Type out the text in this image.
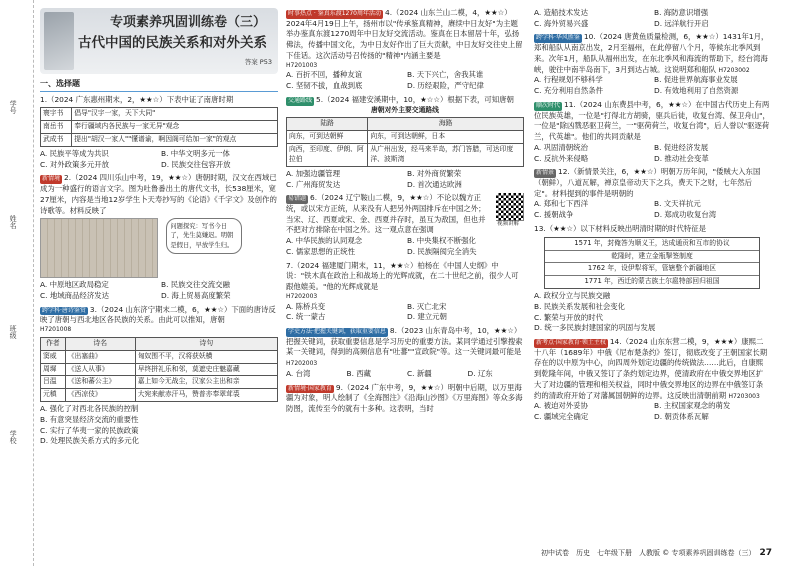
学号
姓名
班级
学校
专项素养巩固训练卷（三）
古代中国的民族关系和对外关系
答案 P53
一、选择题
1.（2024 广东惠州期末，2，★★☆）下表中证了南唐时期
寰宇书	倡导"汉宇一家，天下大同"
南岳书	奉行疆域内各民族与一家无异"观念
武成书	提出"胡汉一家人""懂谱谕，啊因阁可给加一家"的观点
A. 民族平等成为共识	B. 中华文明多元一体
C. 对外政策多元开放	D. 民族交往包容开放
新情境 2.（2024 四川乐山中考，19，★★☆）唐朝时期，汉文在西域已成为一种盛行的语言文字。图为吐鲁番出土的唐代文书，长538厘米，宽27厘米，内容是当地12岁学生卜天寿抄写的《论语》《千字文》及创作的诗歌等。材料反映了
问题探究：写书今日了，先生莫嫌迟。明朝是假日，早放学生归。
A. 中原地区政局稳定	B. 民族交往交流交融
C. 地域商品经济发达	D. 海上贸易高度繁荣
跨学科·唐诗鉴赏 3.（2024 山东济宁期末二模，6，★★☆）下面的唐诗反映了唐朝与西北地区各民族的关系。由此可以推知，唐朝
H7201008
作者	诗名	诗句
窦威	《出塞曲》	匈奴围不平，汉将获妖横
周墀	《送人从事》	早终拼礼乐和邻，莫遮史庄魅嘉藏
吕温	《送和蕃公主》	嘉上如今无战尘，汉家公主出和亲
元稹	《西凉伎》	大宛来献赤汗马，赞普亦奉翠茸裘
A. 强化了对西北各民族的控制
B. 有意突显经济交流的重要性
C. 实行了华夷一家的民族政策
D. 处理民族关系方式的多元化
时事热点 · 鉴真东渡1270周年活动 4.（2024 山东兰山二模，4，★★☆）2024年4月19日上午，扬州市以"传承鉴真精神，赓续中日友好"为主题举办鉴真东渡1270周年中日友好交流活动。鉴真在日本留居十年，弘扬佛法，传播中国文化，为中日友好作出了巨大贡献，中日友好交往史上留下佳话。这次活动号召传扬的"精神"内涵主要是
H7201003
A. 百折不回，播种友谊	B. 天下兴亡，舍我其谁
C. 坚韧不拔，血战到底	D. 历经艰险，严守纪律
交通路线 5.（2024 福建安溪期中，10，★☆☆）根据下表，可知唐朝
唐朝对外主要交通路线
陆路	海路
向东，可到达朝鲜	向东，可到达朝鲜，日本
向西，至印度、伊朗、阿拉伯	从广州出发，经马来半岛，苏门答腊，可达印度洋、波斯湾
A. 加强边疆管理	B. 对外商贸繁荣
C. 广州海贸发达	D. 首次通达欧洲
易错题 6.（2024 辽宁鞍山二模，9，★★☆）不论以魏方正统，或以宋方正统，从来没有人把另外两国排斥在中国之外；当宋、辽、西夏或宋、金、西夏并存时，虽互为敌国，但也并不把对方排除在中国之外。这一观点意在强调
视频讲解
A. 中华民族的认同观念	B. 中央集权不断强化
C. 儒家思想的正统性	D. 民族隔阂完全消失
7.（2024 福建厦门期末，11，★★☆）柏杨在《中国人史纲》中说："铁木真在政治上和战场上的光辉成就，在二十世纪之前，很少人可跟他媲美。"他的光辉成就是
H7202003
A. 陈桥兵变	B. 灭亡北宋
C. 统一蒙古	D. 建立元朝
学史方法·把握关键词，获取重要信息 8.（2023 山东青岛中考，10，★★☆）把握关键词，获取重要信息是学习历史的重要方法。某同学通过引擎搜索某一关键词，得到的高频信息有"吐蕃""宣政院"等。这一关键词最可能是 H7202003
A. 台湾	B. 西藏	C. 新疆	D. 辽东
新情境·国家教育 9.（2024 广东中考，9，★★☆）明朝中后期，以万里海疆为对象，明人绘制了《全海图注》《沿海山沙图》《万里海图》等众多海防图，流传至今的就有十多种。这表明，当时
A. 造船技术发达	B. 海防意识增强
C. 海外贸易兴盛	D. 远洋航行开启
跨学科·华风胜鉴 10.（2024 唐黄鱼质量检测，6，★★☆）1431年1月，郑和船队从南京出发，2月至福州，在此停留八个月，等候东北季风到来。次年1月，船队从福州出发，在东北季风和海流的帮助下，经台湾海峡，驶往中南半岛南下，3月到达占城。这说明郑和船队 H7203002
A. 行程规划不够科学	B. 促进世界航海事业发展
C. 充分利用自然条件	D. 有效地利用了自然资源
顺次时代 11.（2024 山东费县中考，6，★★☆）在中国古代历史上有两位民族英雄，一位是"打得北方胡骑，驱兵后徒，收复台湾、保卫舟山"，一位是"除凶戮恶驱卫荷兰，一"驱荷荷兰，收复台湾"，后人誉以"驱逐荷兰，代英雄"。他们的共同贡献是
A. 巩固清朝统治	B. 促进经济发展
C. 反抗外来侵略	D. 推动社会变革
新情景 12.（新情景关注，6，★★☆）明朝万历年间，"倭贼大入东国（朝鲜），八道瓦解，禅京皇帝动天下之兵，费天下之财，七年然后定"。材料提到的事件是明朝的
A. 郑和七下西洋	B. 文天祥抗元
C. 援朝战争	D. 郑成功收复台湾
13.（★★☆）以下材料反映出明清时期的时代特征是
1571 年，封俺答为顺义王，达成通贡和互市的协议
乾隆时，建立金瓶掣签制度
1762 年，设伊犁将军，管辖整个新疆地区
1771 年，西迁的蒙古族土尔扈特部回归祖国
A. 政权分立与民族交融
B. 民族关系发展和社会变化
C. 繁荣与开放的时代
D. 统一多民族封建国家的巩固与发展
新考点·国家教育·领土主权 14.（2024 山东东营二模，9，★★★）康熙二十八年（1689年）中俄《尼布楚条约》签订，彻底改变了王朝国家长期存在的以中原为中心，向四周外划定边疆的传统做法……此后，自康熙到乾隆年间，中俄又签订了条约划定边界，使清政府在中俄交界地区扩大了对边疆的管理和相关权益，同时中俄交界地区的边界在中俄签订条约的清政府开始了对藩属国朝鲜的边界。这反映出清朝前期 H7203003
A. 被迫对外妥协	B. 主权国家观念的萌发
C. 疆域完全确定	D. 朝贡体系瓦解
初中试卷　历史　七年级下册　人教版 © 专项素养巩固训练卷（三） 27
